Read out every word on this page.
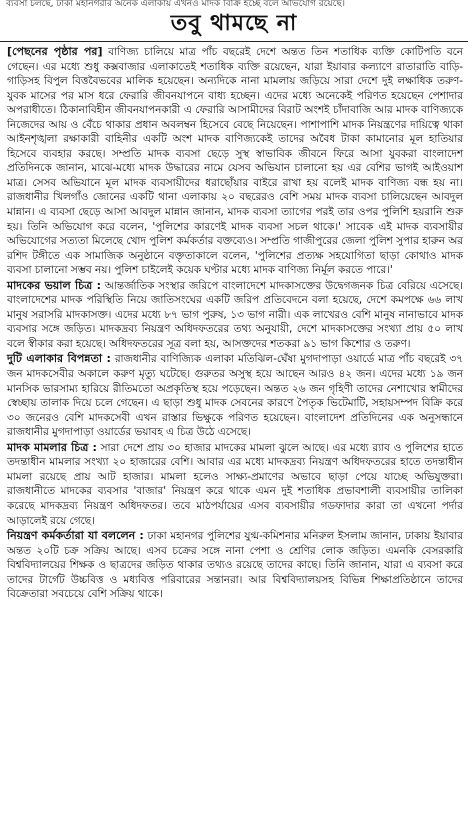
ব্যবসা চলছে, ঢাকা মহানগরীর অনেক এলাকায় এখনও মাদক বিক্রি হচ্ছে বলে অভিযোগ রয়েছে।
তবু থামছে না

[পেছনের পৃষ্ঠার পর] বাণিজ্য চালিয়ে মাত্র পাঁচ বছরেই দেশে অন্তত তিন শতাধিক ব্যক্তি কোটিপতি বনে গেছেন। এর মধ্যে শুধু কক্সবাজার এলাকাতেই শতাধিক ব্যক্তি রয়েছেন, যারা ইয়াবার কল্যাণে রাতারাতি বাড়ি-গাড়িসহ বিপুল বিত্তবৈভবের মালিক হয়েছেন। অন্যদিকে নানা মামলায় জড়িয়ে সারা দেশে দুই লক্ষাধিক তরুণ-যুবক মাসের পর মাস ধরে ফেরারি জীবনযাপনে বাধ্য হচ্ছেন। এদের মধ্যে অনেকেই পরিণত হয়েছেন পেশাদার অপরাধীতে। ঠিকানাবিহীন জীবনযাপনকারী এ ফেরারি আসামীদের বিরাট অংশই চাঁদাবাজি আর মাদক বাণিজ্যকে নিজেদের আয় ও বেঁচে থাকার প্রধান অবলম্বন হিসেবে বেছে নিয়েছেন। পাশাপাশি মাদক নিয়ন্ত্রণের দায়িত্বে থাকা আইনশৃঙ্খলা রক্ষাকারী বাহিনীর একটি অংশ মাদক বাণিজ্যকেই তাদের অবৈধ টাকা কামানোর মূল হাতিয়ার হিসেবে ব্যবহার করছে। সম্প্রতি মাদক ব্যবসা ছেড়ে সুস্থ স্বাভাবিক জীবনে ফিরে আসা যুবকরা বাংলাদেশ প্রতিদিনকে জানান, মাঝে-মধ্যে মাদক উদ্ধারের নামে যেসব অভিযান চালানো হয় এর বেশির ভাগই আইওয়াশ মাত্র। সেসব অভিযানে মূল মাদক ব্যবসায়ীদের ধরাছোঁয়ার বাইরে রাখা হয় বলেই মাদক বাণিজ্য বন্ধ হয় না। রাজধানীর খিলগাঁও জোনের একটি থানা এলাকায় ২০ বছরেরও বেশি সময় মাদক ব্যবসা চালিয়েছেন আবদুল মান্নান। এ ব্যবসা ছেড়ে আসা আবদুল মান্নান জানান, মাদক ব্যবসা ত্যাগের পরই তার ওপর পুলিশি হয়রানি শুরু হয়। তিনি অভিযোগ করে বলেন, 'পুলিশের কারণেই মাদক ব্যবসা সচল থাকে।' সাবেক এই মাদক ব্যবসায়ীর অভিযোগের সত্যতা মিলেছে খোদ পুলিশ কর্মকর্তার বক্তব্যেও। সম্প্রতি গাজীপুরের জেলা পুলিশ সুপার হারুন অর রশিদ টঙ্গীতে এক সামাজিক অনুষ্ঠানে বক্তৃতাকালে বলেন, 'পুলিশের প্রত্যক্ষ সহযোগিতা ছাড়া কোথাও মাদক ব্যবসা চালানো সম্ভব নয়। পুলিশ চাইলেই কয়েক ঘণ্টার মধ্যে মাদক বাণিজ্য নির্মূল করতে পারে।'

মাদকের ভয়াল চিত্র : আন্তর্জাতিক সংস্থার জরিপে বাংলাদেশে মাদকাসক্তের উদ্বেগজনক চিত্র বেরিয়ে এসেছে। বাংলাদেশের মাদক পরিস্থিতি নিয়ে জাতিসংঘের একটি জরিপ প্রতিবেদনে বলা হয়েছে, দেশে কমপক্ষে ৬৬ লাখ মানুষ সরাসরি মাদকাসক্ত। এদের মধ্যে ৮৭ ভাগ পুরুষ, ১৩ ভাগ নারী। এক লাখেরও বেশি মানুষ নানাভাবে মাদক ব্যবসার সঙ্গে জড়িত। মাদকদ্রব্য নিয়ন্ত্রণ অধিদফতরের তথ্য অনুযায়ী, দেশে মাদকাসক্তের সংখ্যা প্রায় ৫০ লাখ বলে স্বীকার করা হয়েছে। অধিদফতরের সূত্র বলা হয়, আসক্তদের শতকরা ৯১ ভাগ কিশোর ও তরুণ।

দুটি এলাকার বিপন্নতা : রাজধানীর বাণিজ্যিক এলাকা মতিঝিল-ঘেঁষা মুগদাপাড়া ওয়ার্ডে মাত্র পাঁচ বছরেই ৩৭ জন মাদকসেবীর অকালে করুণ মৃত্যু ঘটেছে। গুরুতর অসুস্থ হয়ে আছেন আরও ৪২ জন। এদের মধ্যে ১৯ জন মানসিক ভারসাম্য হারিয়ে রীতিমতো অপ্রকৃতিস্থ হয়ে পড়েছেন। অন্তত ২৬ জন গৃহিণী তাদের নেশাখোর স্বামীদের স্বেচ্ছায় তালাক দিয়ে চলে গেছেন। এ ছাড়া শুধু মাদক সেবনের কারণে পৈতৃক ভিটেমাটি, সহায়সম্পদ বিক্রি করে ৩০ জনেরও বেশি মাদকসেবী এখন রাস্তার ভিক্ষুকে পরিণত হয়েছেন। বাংলাদেশ প্রতিদিনের এক অনুসন্ধানে রাজধানীর মুগদাপাড়া ওয়ার্ডের ভয়াবহ এ চিত্র উঠে এসেছে।

মাদক মামলার চিত্র : সারা দেশে প্রায় ৩০ হাজার মাদকের মামলা ঝুলে আছে। এর মধ্যে র‌্যাব ও পুলিশের হাতে তদন্তাধীন মামলার সংখ্যা ২০ হাজারের বেশি। আবার এর মধ্যে মাদকদ্রব্য নিয়ন্ত্রণ অধিদফতরের হাতে তদন্তাধীন মামলা রয়েছে প্রায় আট হাজার। মামলা হলেও সাক্ষ্য-প্রমাণের অভাবে ছাড়া পেয়ে যাচ্ছে অভিযুক্তরা। রাজধানীতে মাদকের ব্যবসার 'বাজার' নিয়ন্ত্রণ করে থাকে এমন দুই শতাধিক প্রভাবশালী ব্যবসায়ীর তালিকা করেছে মাদকদ্রব্য নিয়ন্ত্রণ অধিদফতর। তবে মাঠপর্যায়ের এসব ব্যবসায়ীর গডফাদার কারা তা এখনো পর্দার আড়ালেই রয়ে গেছে।

নিয়ন্ত্রণ কর্মকর্তারা যা বললেন : ঢাকা মহানগর পুলিশের যুগ্ম-কমিশনার মনিরুল ইসলাম জানান, ঢাকায় ইয়াবার অন্তত ২০টি চক্র সক্রিয় আছে। এসব চক্রের সঙ্গে নানা পেশা ও শ্রেণির লোক জড়িত। এমনকি বেসরকারি বিশ্ববিদ্যালয়ের শিক্ষক ও ছাত্রদের জড়িত থাকার তথ্যও রয়েছে তাদের কাছে। তিনি জানান, যারা এ ব্যবসা করে তাদের টার্গেট উচ্চবিত্ত ও মধ্যবিত্ত পরিবারের সন্তানরা। আর বিশ্ববিদ্যালয়সহ বিভিন্ন শিক্ষাপ্রতিষ্ঠানে তাদের বিক্রেতারা সবচেয়ে বেশি সক্রিয় থাকে।
